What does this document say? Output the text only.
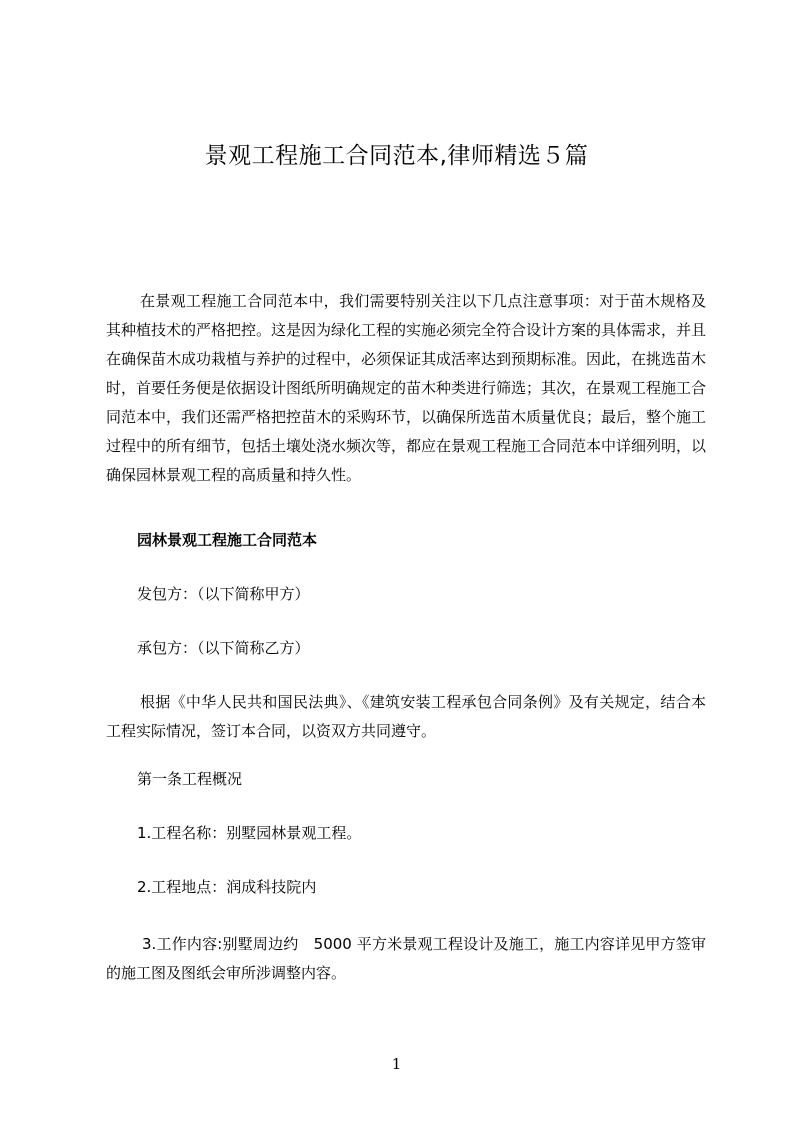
景观工程施工合同范本,律师精选５篇

在景观工程施工合同范本中，我们需要特别关注以下几点注意事项：对于苗木规格及其种植技术的严格把控。这是因为绿化工程的实施必须完全符合设计方案的具体需求，并且在确保苗木成功栽植与养护的过程中，必须保证其成活率达到预期标准。因此，在挑选苗木时，首要任务便是依据设计图纸所明确规定的苗木种类进行筛选；其次，在景观工程施工合同范本中，我们还需严格把控苗木的采购环节，以确保所选苗木质量优良；最后，整个施工过程中的所有细节，包括土壤处浇水频次等，都应在景观工程施工合同范本中详细列明，以确保园林景观工程的高质量和持久性。

园林景观工程施工合同范本
发包方：（以下简称甲方）
承包方：（以下简称乙方）

根据《中华人民共和国民法典》、《建筑安装工程承包合同条例》及有关规定，结合本工程实际情况，签订本合同，以资双方共同遵守。

第一条工程概况
1.工程名称：别墅园林景观工程。
2.工程地点：润成科技院内

3.工作内容:别墅周边约　5000 平方米景观工程设计及施工，施工内容详见甲方签审的施工图及图纸会审所涉调整内容。

1
